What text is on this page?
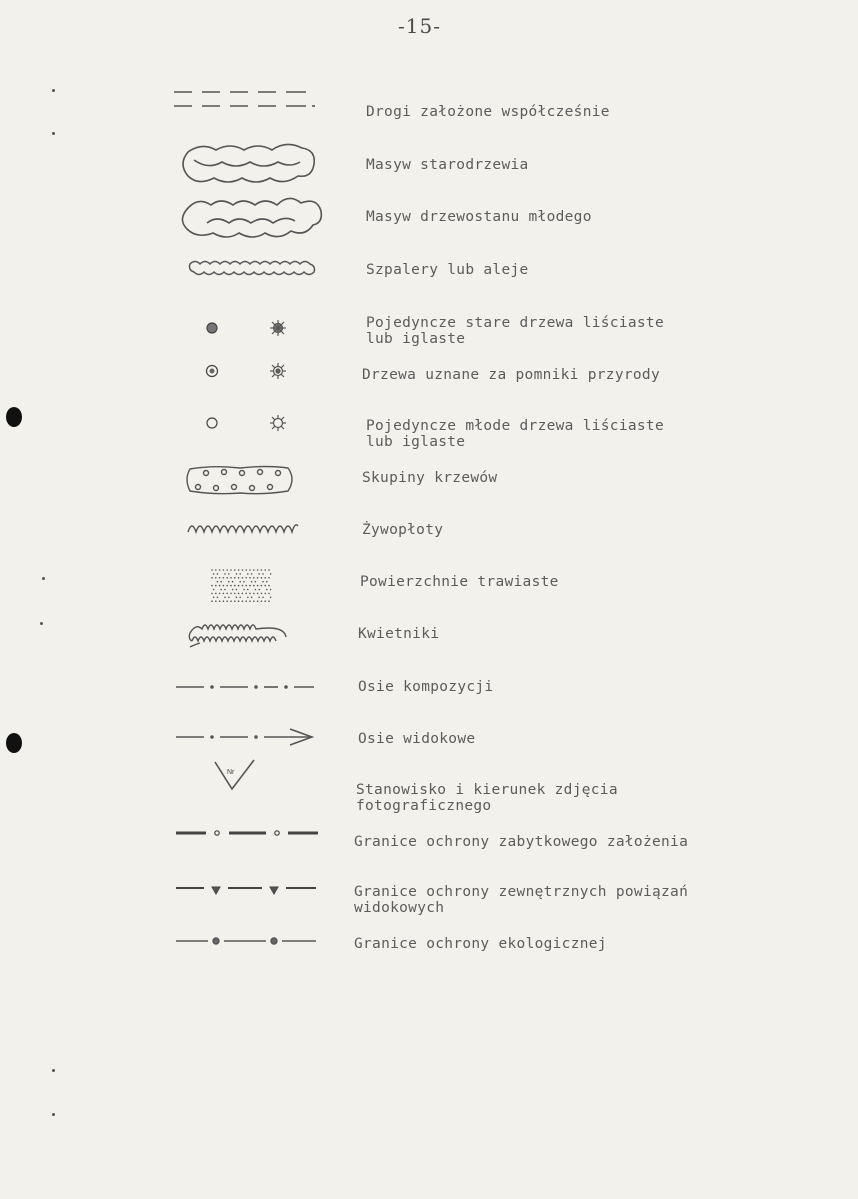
-15-
Drogi założone współcześnie
Masyw starodrzewia
Masyw drzewostanu młodego
Szpalery lub aleje
Pojedyncze stare drzewa liściaste
lub iglaste
Drzewa uznane za pomniki przyrody
Pojedyncze młode drzewa liściaste
lub iglaste
Skupiny krzewów
Żywopłoty
Powierzchnie trawiaste
Kwietniki
Osie kompozycji
Osie widokowe
Nr
Stanowisko i kierunek zdjęcia
fotograficznego
Granice ochrony zabytkowego założenia
Granice ochrony zewnętrznych powiązań
widokowych
Granice ochrony ekologicznej
